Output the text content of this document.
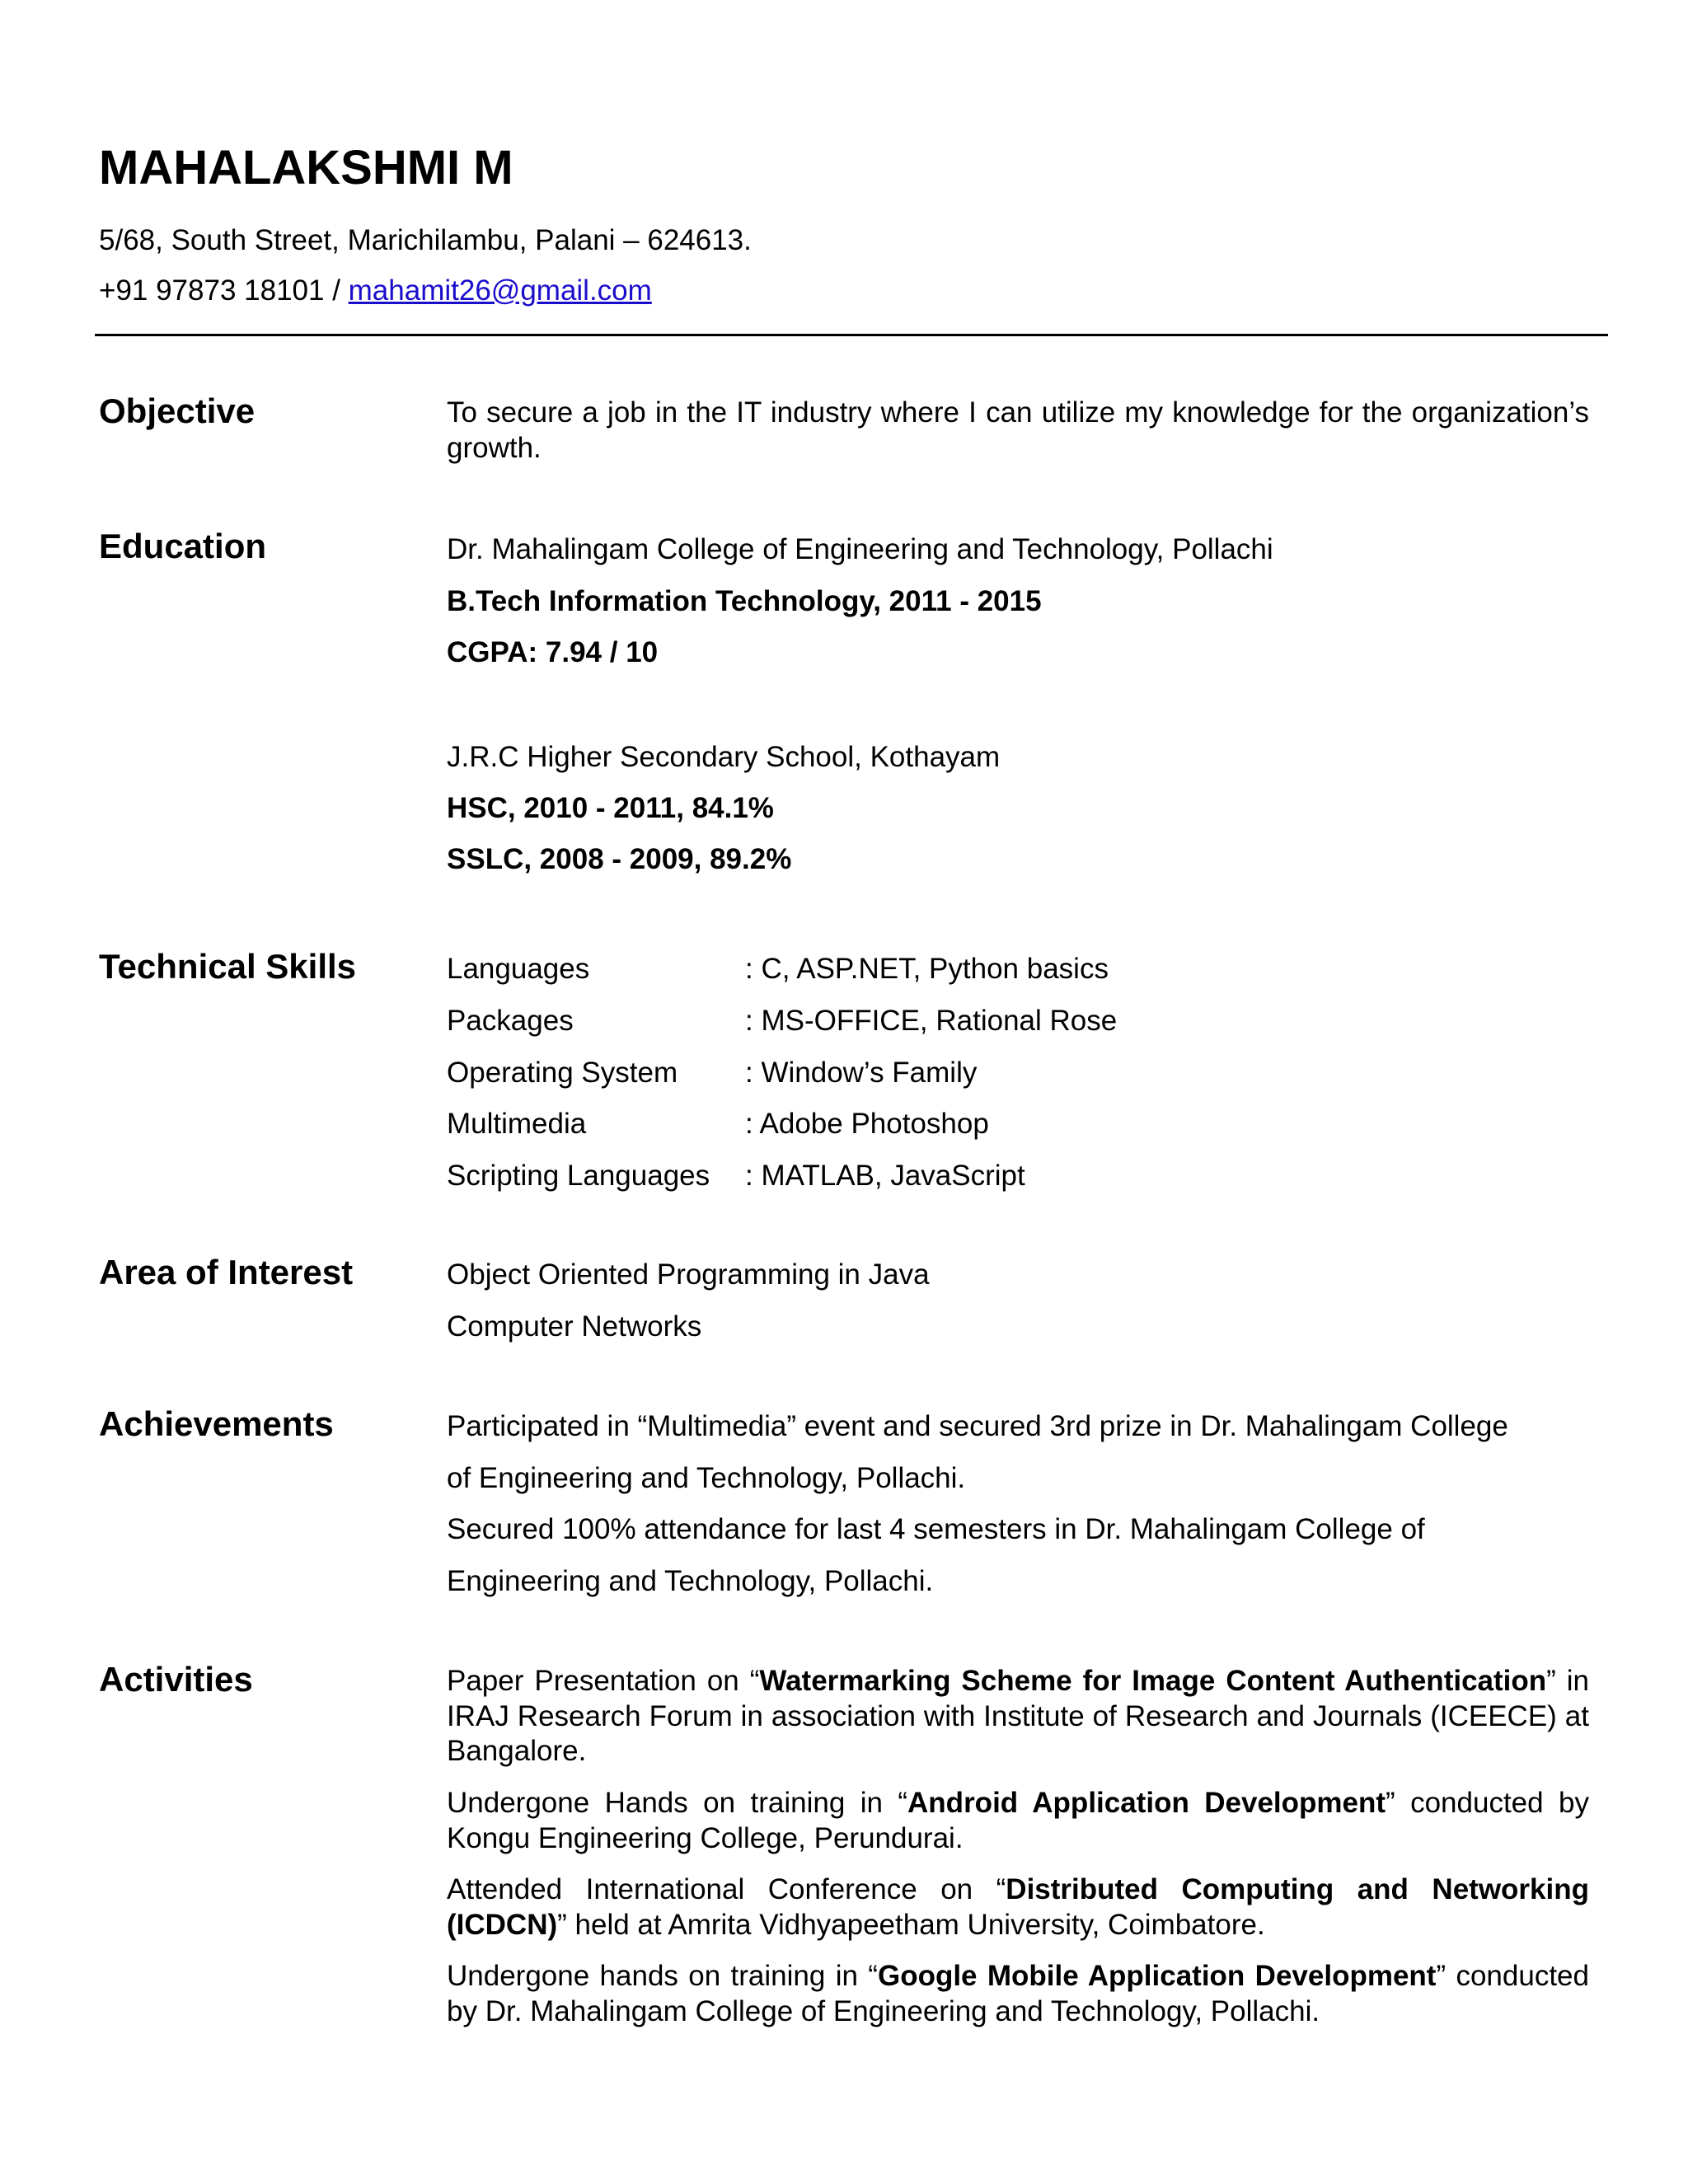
MAHALAKSHMI M
5/68, South Street, Marichilambu, Palani – 624613.
+91 97873 18101 / mahamit26@gmail.com
Objective	To secure a job in the IT industry where I can utilize my knowledge for the organization’s growth.
Education	Dr. Mahalingam College of Engineering and Technology, Pollachi
B.Tech Information Technology, 2011 - 2015
CGPA: 7.94 / 10
J.R.C Higher Secondary School, Kothayam
HSC, 2010 - 2011, 84.1%
SSLC, 2008 - 2009, 89.2%
Technical Skills	Languages	: C, ASP.NET, Python basics
Packages	: MS-OFFICE, Rational Rose
Operating System : Window’s Family
Multimedia	: Adobe Photoshop
Scripting Languages : MATLAB, JavaScript
Area of Interest	Object Oriented Programming in Java
Computer Networks
Achievements	Participated in “Multimedia” event and secured 3rd prize in Dr. Mahalingam College
of Engineering and Technology, Pollachi.
Secured 100% attendance for last 4 semesters in Dr. Mahalingam College of
Engineering and Technology, Pollachi.
Activities	Paper Presentation on “Watermarking Scheme for Image Content Authentication” in IRAJ Research Forum in association with Institute of Research and Journals (ICEECE) at Bangalore.
Undergone Hands on training in “Android Application Development” conducted by Kongu Engineering College, Perundurai.
Attended International Conference on “Distributed Computing and Networking (ICDCN)” held at Amrita Vidhyapeetham University, Coimbatore.
Undergone hands on training in “Google Mobile Application Development” conducted by Dr. Mahalingam College of Engineering and Technology, Pollachi.
